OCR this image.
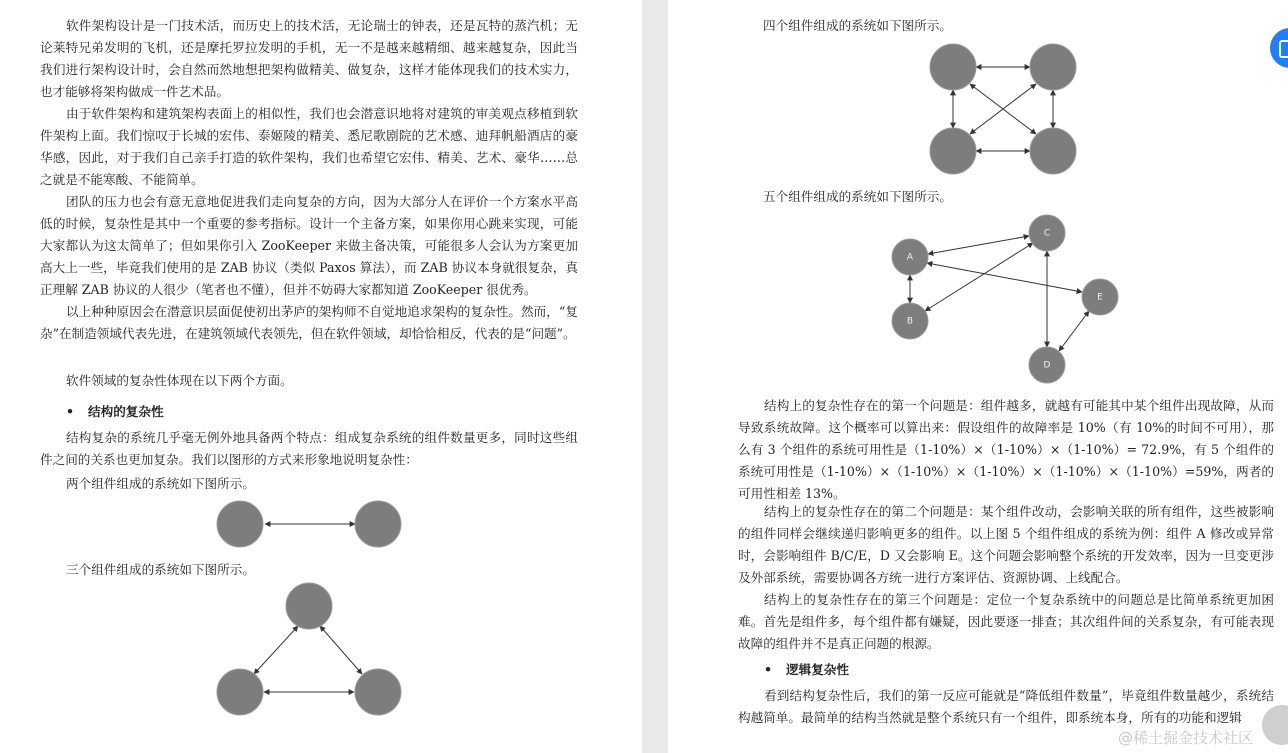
软件架构设计是一门技术活，而历史上的技术活，无论瑞士的钟表，还是瓦特的蒸汽机；无论莱特兄弟发明的飞机，还是摩托罗拉发明的手机，无一不是越来越精细、越来越复杂，因此当我们进行架构设计时，会自然而然地想把架构做精美、做复杂，这样才能体现我们的技术实力，也才能够将架构做成一件艺术品。

由于软件架构和建筑架构表面上的相似性，我们也会潜意识地将对建筑的审美观点移植到软件架构上面。我们惊叹于长城的宏伟、泰姬陵的精美、悉尼歌剧院的艺术感、迪拜帆船酒店的豪华感，因此，对于我们自己亲手打造的软件架构，我们也希望它宏伟、精美、艺术、豪华……总之就是不能寒酸、不能简单。

团队的压力也会有意无意地促进我们走向复杂的方向，因为大部分人在评价一个方案水平高低的时候，复杂性是其中一个重要的参考指标。设计一个主备方案，如果你用心跳来实现，可能大家都认为这太简单了；但如果你引入 ZooKeeper 来做主备决策，可能很多人会认为方案更加高大上一些，毕竟我们使用的是 ZAB 协议（类似 Paxos 算法），而 ZAB 协议本身就很复杂，真正理解 ZAB 协议的人很少（笔者也不懂），但并不妨碍大家都知道 ZooKeeper 很优秀。

以上种种原因会在潜意识层面促使初出茅庐的架构师不自觉地追求架构的复杂性。然而，“复杂”在制造领域代表先进，在建筑领域代表领先，但在软件领域，却恰恰相反，代表的是“问题”。

软件领域的复杂性体现在以下两个方面。

• 结构的复杂性

结构复杂的系统几乎毫无例外地具备两个特点：组成复杂系统的组件数量更多，同时这些组件之间的关系也更加复杂。我们以图形的方式来形象地说明复杂性：

两个组件组成的系统如下图所示。

三个组件组成的系统如下图所示。

四个组件组成的系统如下图所示。

五个组件组成的系统如下图所示。

A
B
C
D
E

结构上的复杂性存在的第一个问题是：组件越多，就越有可能其中某个组件出现故障，从而导致系统故障。这个概率可以算出来：假设组件的故障率是 10%（有 10%的时间不可用），那么有 3 个组件的系统可用性是（1-10%）×（1-10%）×（1-10%）= 72.9%，有 5 个组件的系统可用性是（1-10%）×（1-10%）×（1-10%）×（1-10%）×（1-10%）=59%，两者的可用性相差 13%。

结构上的复杂性存在的第二个问题是：某个组件改动，会影响关联的所有组件，这些被影响的组件同样会继续递归影响更多的组件。以上图 5 个组件组成的系统为例：组件 A 修改或异常时，会影响组件 B/C/E，D 又会影响 E。这个问题会影响整个系统的开发效率，因为一旦变更涉及外部系统，需要协调各方统一进行方案评估、资源协调、上线配合。

结构上的复杂性存在的第三个问题是：定位一个复杂系统中的问题总是比简单系统更加困难。首先是组件多，每个组件都有嫌疑，因此要逐一排查；其次组件间的关系复杂，有可能表现故障的组件并不是真正问题的根源。

• 逻辑复杂性

看到结构复杂性后，我们的第一反应可能就是“降低组件数量”，毕竟组件数量越少，系统结构越简单。最简单的结构当然就是整个系统只有一个组件，即系统本身，所有的功能和逻辑

@稀土掘金技术社区
